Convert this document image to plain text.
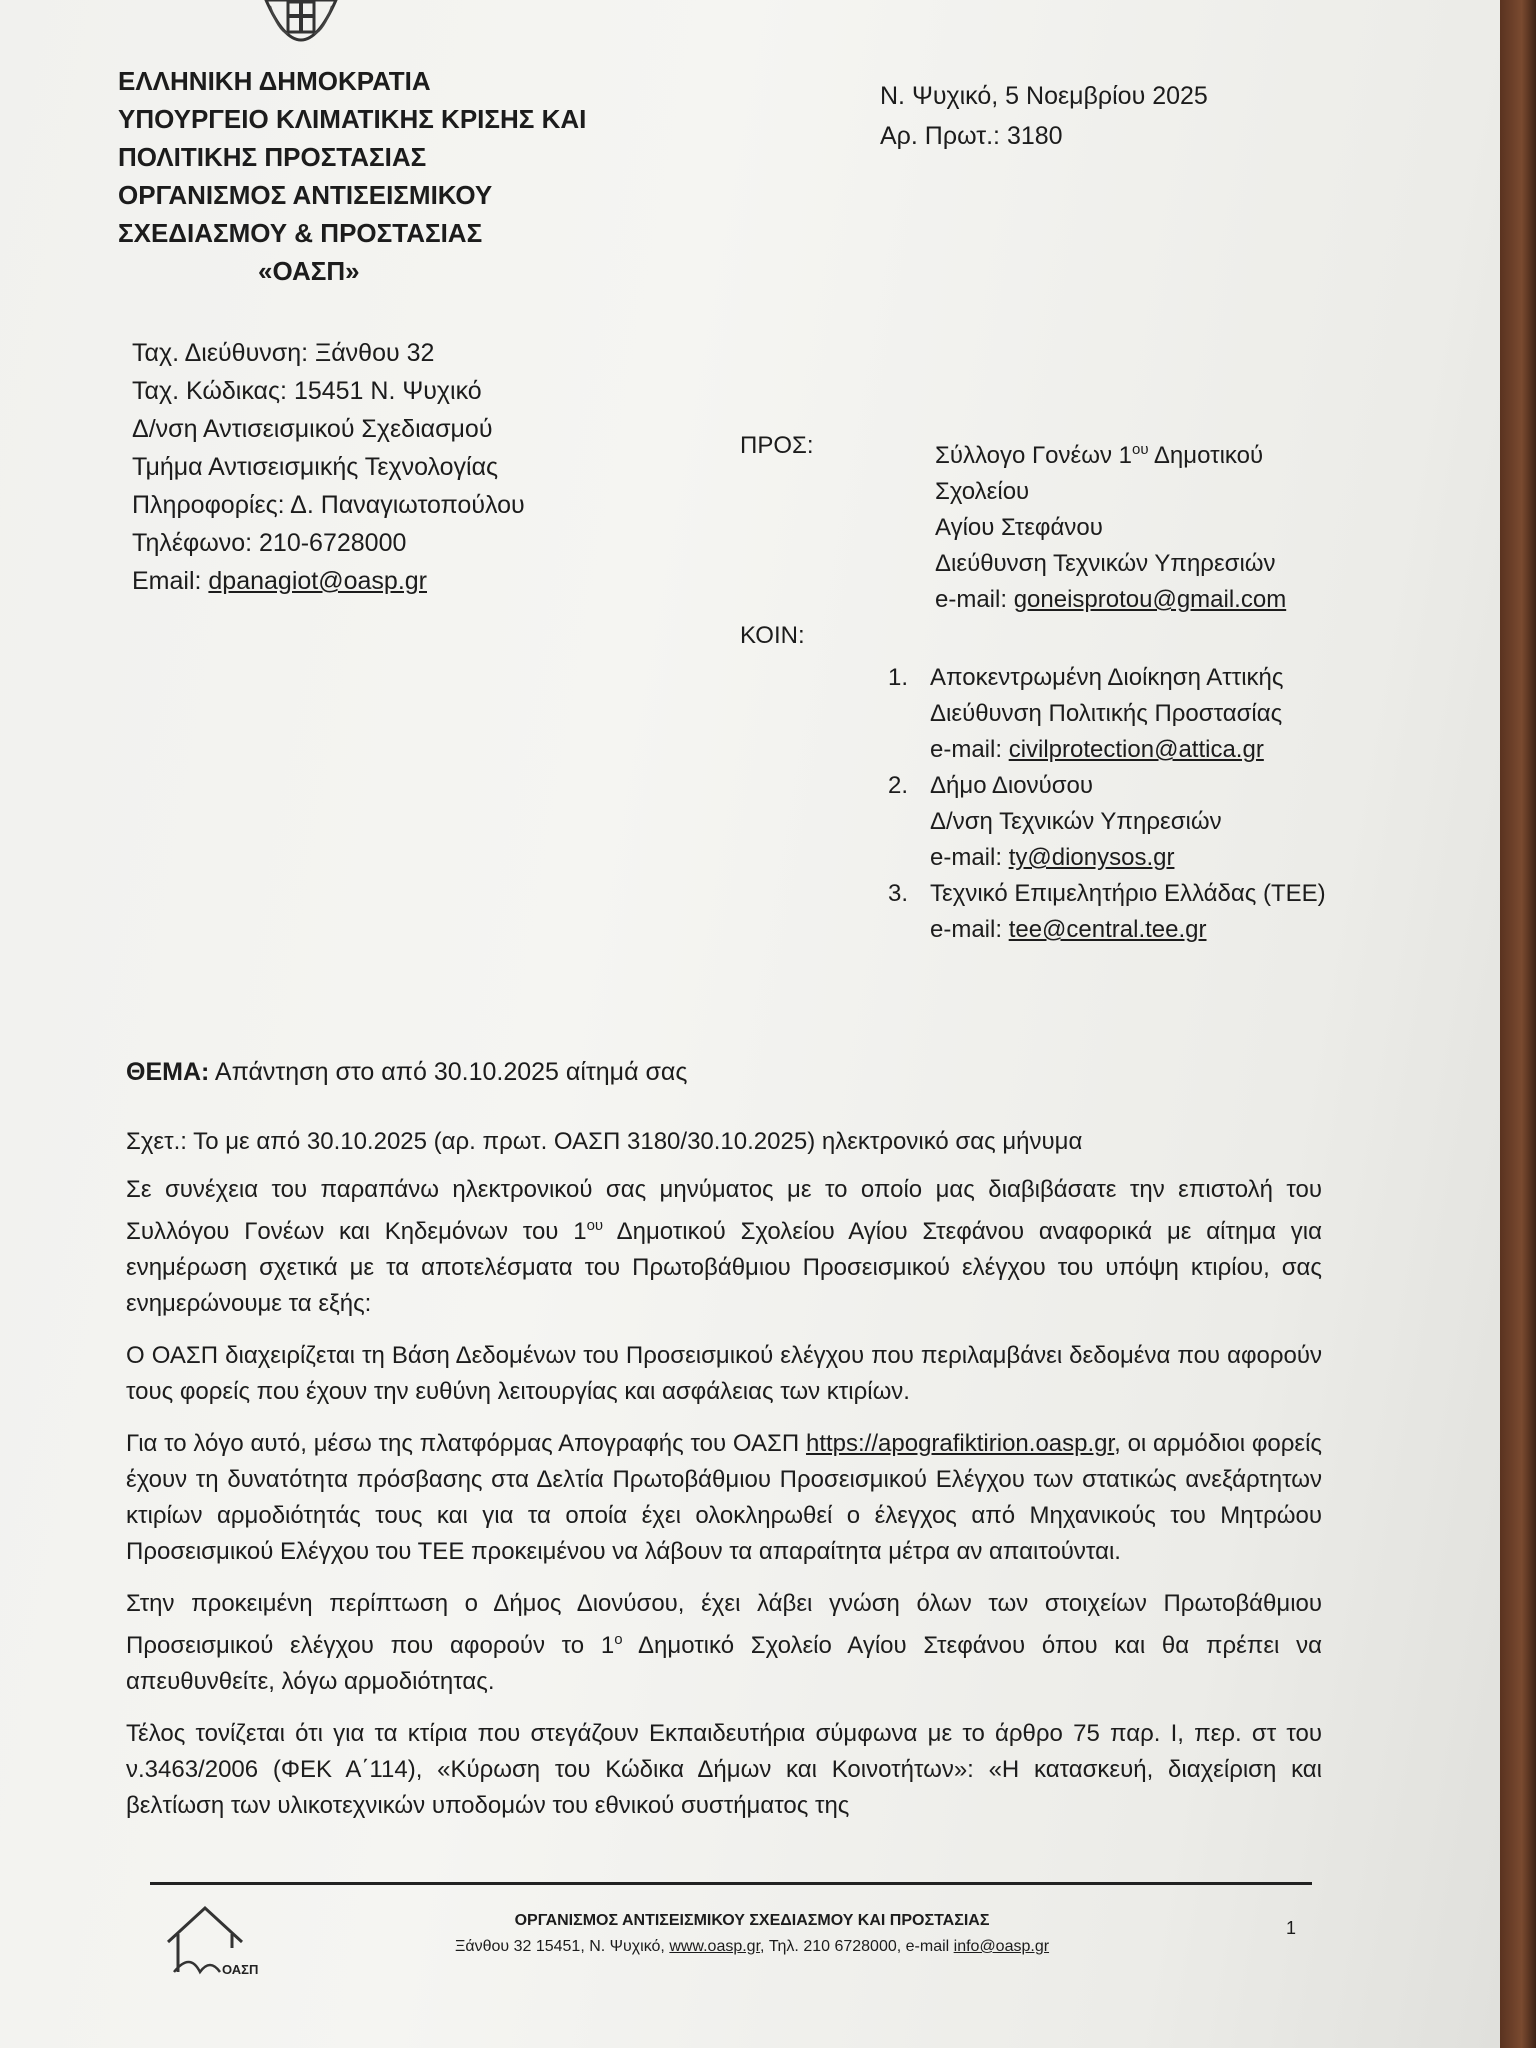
ΕΛΛΗΝΙΚΗ ΔΗΜΟΚΡΑΤΙΑ
ΥΠΟΥΡΓΕΙΟ ΚΛΙΜΑΤΙΚΗΣ ΚΡΙΣΗΣ ΚΑΙ
ΠΟΛΙΤΙΚΗΣ ΠΡΟΣΤΑΣΙΑΣ
ΟΡΓΑΝΙΣΜΟΣ ΑΝΤΙΣΕΙΣΜΙΚΟΥ
ΣΧΕΔΙΑΣΜΟΥ & ΠΡΟΣΤΑΣΙΑΣ
«ΟΑΣΠ»
Ν. Ψυχικό, 5 Νοεμβρίου 2025
Αρ. Πρωτ.: 3180
Ταχ. Διεύθυνση: Ξάνθου 32
Ταχ. Κώδικας: 15451 Ν. Ψυχικό
Δ/νση Αντισεισμικού Σχεδιασμού
Τμήμα Αντισεισμικής Τεχνολογίας
Πληροφορίες: Δ. Παναγιωτοπούλου
Τηλέφωνο: 210-6728000
Email: dpanagiot@oasp.gr
ΠΡΟΣ:	Σύλλογο Γονέων $1^{o\upsilon}$ Δημοτικού
Σχολείου
Αγίου Στεφάνου
Διεύθυνση Τεχνικών Υπηρεσιών
e-mail: goneisprotou@gmail.com
ΚΟΙΝ:
1. Αποκεντρωμένη Διοίκηση Αττικής
Διεύθυνση Πολιτικής Προστασίας
e-mail: civilprotection@attica.gr
2. Δήμο Διονύσου
Δ/νση Τεχνικών Υπηρεσιών
e-mail: ty@dionysos.gr
3. Τεχνικό Επιμελητήριο Ελλάδας (ΤΕΕ)
e-mail: tee@central.tee.gr
ΘΕΜΑ: Απάντηση στο από 30.10.2025 αίτημά σας

Σχετ.: Το με από 30.10.2025 (αρ. πρωτ. ΟΑΣΠ 3180/30.10.2025) ηλεκτρονικό σας μήνυμα

Σε συνέχεια του παραπάνω ηλεκτρονικού σας μηνύματος με το οποίο μας διαβιβάσατε την επιστολή του Συλλόγου Γονέων και Κηδεμόνων του $1^{o\upsilon}$ Δημοτικού Σχολείου Αγίου Στεφάνου αναφορικά με αίτημα για ενημέρωση σχετικά με τα αποτελέσματα του Πρωτοβάθμιου Προσεισμικού ελέγχου του υπόψη κτιρίου, σας ενημερώνουμε τα εξής:

Ο ΟΑΣΠ διαχειρίζεται τη Βάση Δεδομένων του Προσεισμικού ελέγχου που περιλαμβάνει δεδομένα που αφορούν τους φορείς που έχουν την ευθύνη λειτουργίας και ασφάλειας των κτιρίων.

Για το λόγο αυτό, μέσω της πλατφόρμας Απογραφής του ΟΑΣΠ https://apografiktirion.oasp.gr, οι αρμόδιοι φορείς έχουν τη δυνατότητα πρόσβασης στα Δελτία Πρωτοβάθμιου Προσεισμικού Ελέγχου των στατικώς ανεξάρτητων κτιρίων αρμοδιότητάς τους και για τα οποία έχει ολοκληρωθεί ο έλεγχος από Μηχανικούς του Μητρώου Προσεισμικού Ελέγχου του ΤΕΕ προκειμένου να λάβουν τα απαραίτητα μέτρα αν απαιτούνται.

Στην προκειμένη περίπτωση ο Δήμος Διονύσου, έχει λάβει γνώση όλων των στοιχείων Πρωτοβάθμιου Προσεισμικού ελέγχου που αφορούν το $1^o$ Δημοτικό Σχολείο Αγίου Στεφάνου όπου και θα πρέπει να απευθυνθείτε, λόγω αρμοδιότητας.

Τέλος τονίζεται ότι για τα κτίρια που στεγάζουν Εκπαιδευτήρια σύμφωνα με το άρθρο 75 παρ. Ι, περ. στ του ν.3463/2006 (ΦΕΚ Α΄114), «Κύρωση του Κώδικα Δήμων και Κοινοτήτων»: «Η κατασκευή, διαχείριση και βελτίωση των υλικοτεχνικών υποδομών του εθνικού συστήματος της

ΟΑΣΠ
ΟΡΓΑΝΙΣΜΟΣ ΑΝΤΙΣΕΙΣΜΙΚΟΥ ΣΧΕΔΙΑΣΜΟΥ ΚΑΙ ΠΡΟΣΤΑΣΙΑΣ
Ξάνθου 32 15451, Ν. Ψυχικό, www.oasp.gr, Τηλ. 210 6728000, e-mail info@oasp.gr
1
